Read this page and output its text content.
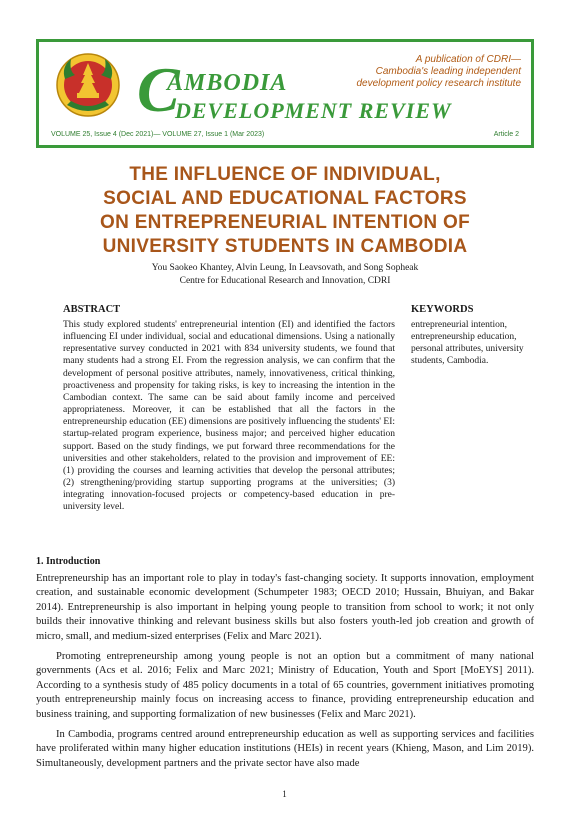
C
AMBODIA
DEVELOPMENT REVIEW
A publication of CDRI—
Cambodia's leading independent
development policy research institute
VOLUME 25, Issue 4 (Dec 2021)— VOLUME 27, Issue 1 (Mar 2023)	Article 2
THE INFLUENCE OF INDIVIDUAL,
SOCIAL AND EDUCATIONAL FACTORS
ON ENTREPRENEURIAL INTENTION OF
UNIVERSITY STUDENTS IN CAMBODIA
You Saokeo Khantey, Alvin Leung, In Leavsovath, and Song Sopheak
Centre for Educational Research and Innovation, CDRI
ABSTRACT
This study explored students' entrepreneurial intention (EI) and identified the factors influencing EI under individual, social and educational dimensions. Using a nationally representative survey conducted in 2021 with 834 university students, we found that many students had a strong EI. From the regression analysis, we can confirm that the development of personal positive attributes, namely, innovativeness, critical thinking, proactiveness and propensity for taking risks, is key to increasing the intention in the Cambodian context. The same can be said about family income and perceived appropriateness. Moreover, it can be established that all the factors in the entrepreneurship education (EE) dimensions are positively influencing the students' EI: startup-related program experience, business major; and perceived higher education support. Based on the study findings, we put forward three recommendations for the universities and other stakeholders, related to the provision and improvement of EE: (1) providing the courses and learning activities that develop the personal attributes; (2) strengthening/providing startup supporting programs at the universities; (3) integrating innovation-focused projects or competency-based education in pre-university level.
KEYWORDS
entrepreneurial intention, entrepreneurship education, personal attributes, university students, Cambodia.
1. Introduction

Entrepreneurship has an important role to play in today's fast-changing society. It supports innovation, employment creation, and sustainable economic development (Schumpeter 1983; OECD 2010; Hussain, Bhuiyan, and Bakar 2014). Entrepreneurship is also important in helping young people to transition from school to work; it not only builds their innovative thinking and relevant business skills but also fosters youth-led job creation and growth of micro, small, and medium-sized enterprises (Felix and Marc 2021).

Promoting entrepreneurship among young people is not an option but a commitment of many national governments (Acs et al. 2016; Felix and Marc 2021; Ministry of Education, Youth and Sport [MoEYS] 2011). According to a synthesis study of 485 policy documents in a total of 65 countries, government initiatives promoting youth entrepreneurship mainly focus on increasing access to finance, providing entrepreneurship education and business training, and supporting formalization of new businesses (Felix and Marc 2021).

In Cambodia, programs centred around entrepreneurship education as well as supporting services and facilities have proliferated within many higher education institutions (HEIs) in recent years (Khieng, Mason, and Lim 2019). Simultaneously, development partners and the private sector have also made

1
